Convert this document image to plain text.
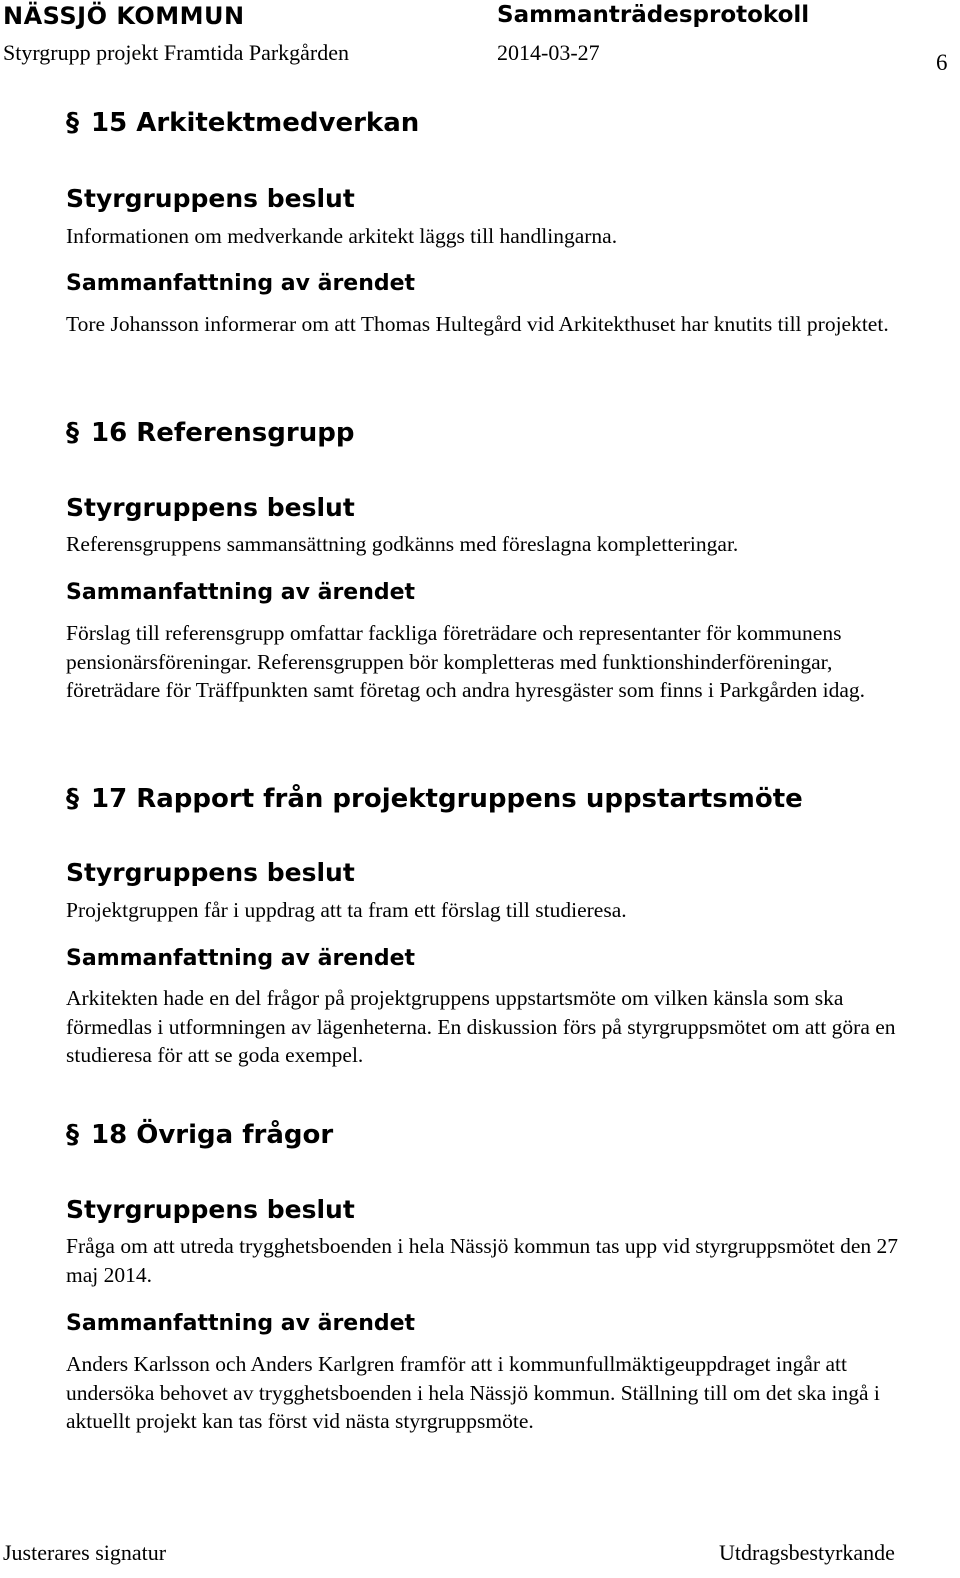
NÄSSJÖ KOMMUN	Sammanträdesprotokoll
Styrgrupp projekt Framtida Parkgården	2014-03-27	6
§ 15 Arkitektmedverkan
Styrgruppens beslut
Informationen om medverkande arkitekt läggs till handlingarna.
Sammanfattning av ärendet
Tore Johansson informerar om att Thomas Hultegård vid Arkitekthuset har knutits till projektet.
§ 16 Referensgrupp
Styrgruppens beslut
Referensgruppens sammansättning godkänns med föreslagna kompletteringar.
Sammanfattning av ärendet
Förslag till referensgrupp omfattar fackliga företrädare och representanter för kommunens pensionärsföreningar. Referensgruppen bör kompletteras med funktionshinderföreningar, företrädare för Träffpunkten samt företag och andra hyresgäster som finns i Parkgården idag.
§ 17 Rapport från projektgruppens uppstartsmöte
Styrgruppens beslut
Projektgruppen får i uppdrag att ta fram ett förslag till studieresa.
Sammanfattning av ärendet
Arkitekten hade en del frågor på projektgruppens uppstartsmöte om vilken känsla som ska förmedlas i utformningen av lägenheterna. En diskussion förs på styrgruppsmötet om att göra en studieresa för att se goda exempel.
§ 18 Övriga frågor
Styrgruppens beslut
Fråga om att utreda trygghetsboenden i hela Nässjö kommun tas upp vid styrgruppsmötet den 27 maj 2014.
Sammanfattning av ärendet
Anders Karlsson och Anders Karlgren framför att i kommunfullmäktigeuppdraget ingår att undersöka behovet av trygghetsboenden i hela Nässjö kommun. Ställning till om det ska ingå i aktuellt projekt kan tas först vid nästa styrgruppsmöte.
Justerares signatur	Utdragsbestyrkande
